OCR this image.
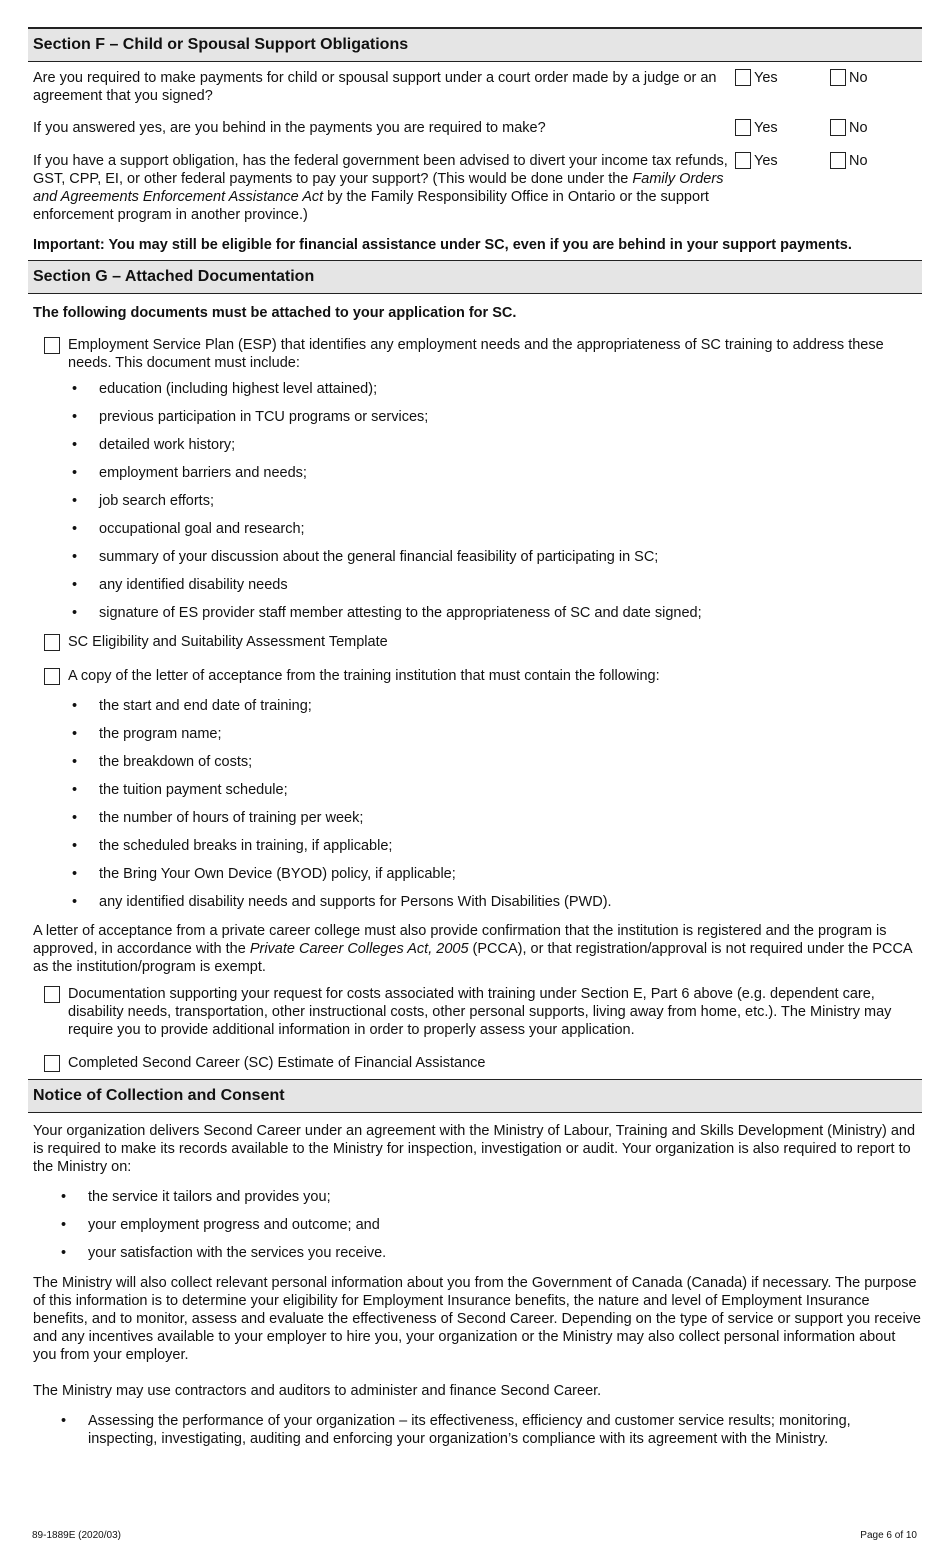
Section F – Child or Spousal Support Obligations
Are you required to make payments for child or spousal support under a court order made by a judge or an agreement that you signed?
Yes	No
If you answered yes, are you behind in the payments you are required to make?	Yes	No
If you have a support obligation, has the federal government been advised to divert your income tax refunds, GST, CPP, EI, or other federal payments to pay your support? (This would be done under the Family Orders and Agreements Enforcement Assistance Act by the Family Responsibility Office in Ontario or the support enforcement program in another province.)
Yes	No
Important: You may still be eligible for financial assistance under SC, even if you are behind in your support payments.
Section G – Attached Documentation
The following documents must be attached to your application for SC.
Employment Service Plan (ESP) that identifies any employment needs and the appropriateness of SC training to address these needs. This document must include:
• education (including highest level attained);
• previous participation in TCU programs or services;
• detailed work history;
• employment barriers and needs;
• job search efforts;
• occupational goal and research;
• summary of your discussion about the general financial feasibility of participating in SC;
• any identified disability needs
• signature of ES provider staff member attesting to the appropriateness of SC and date signed;
SC Eligibility and Suitability Assessment Template
A copy of the letter of acceptance from the training institution that must contain the following:
• the start and end date of training;
• the program name;
• the breakdown of costs;
• the tuition payment schedule;
• the number of hours of training per week;
• the scheduled breaks in training, if applicable;
• the Bring Your Own Device (BYOD) policy, if applicable;
• any identified disability needs and supports for Persons With Disabilities (PWD).
A letter of acceptance from a private career college must also provide confirmation that the institution is registered and the program is approved, in accordance with the Private Career Colleges Act, 2005 (PCCA), or that registration/approval is not required under the PCCA as the institution/program is exempt.
Documentation supporting your request for costs associated with training under Section E, Part 6 above (e.g. dependent care, disability needs, transportation, other instructional costs, other personal supports, living away from home, etc.). The Ministry may require you to provide additional information in order to properly assess your application.
Completed Second Career (SC) Estimate of Financial Assistance
Notice of Collection and Consent
Your organization delivers Second Career under an agreement with the Ministry of Labour, Training and Skills Development (Ministry) and is required to make its records available to the Ministry for inspection, investigation or audit. Your organization is also required to report to the Ministry on:
• the service it tailors and provides you;
• your employment progress and outcome; and
• your satisfaction with the services you receive.
The Ministry will also collect relevant personal information about you from the Government of Canada (Canada) if necessary. The purpose of this information is to determine your eligibility for Employment Insurance benefits, the nature and level of Employment Insurance benefits, and to monitor, assess and evaluate the effectiveness of Second Career. Depending on the type of service or support you receive and any incentives available to your employer to hire you, your organization or the Ministry may also collect personal information about you from your employer.
The Ministry may use contractors and auditors to administer and finance Second Career.
• Assessing the performance of your organization – its effectiveness, efficiency and customer service results; monitoring, inspecting, investigating, auditing and enforcing your organization’s compliance with its agreement with the Ministry.
89-1889E (2020/03)	Page 6 of 10
